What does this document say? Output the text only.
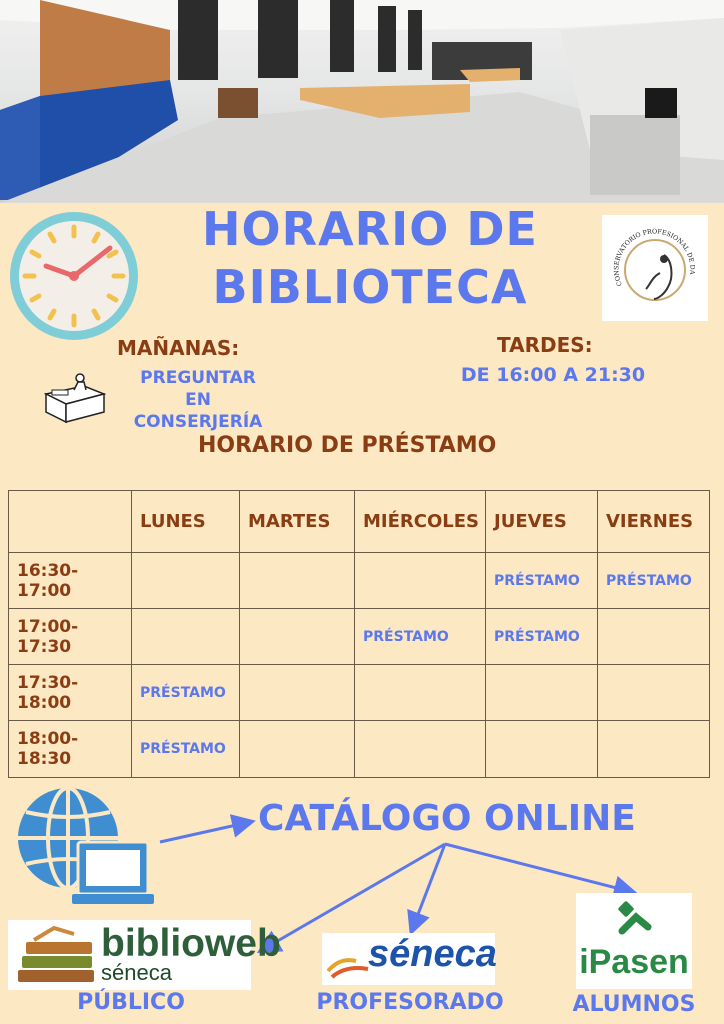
HORARIO DE
BIBLIOTECA	CONSERVATORIO PROFESIONAL DE DA
MAÑANAS:
PREGUNTAR
EN CONSERJERÍA
TARDES:
DE 16:00 A 21:30
HORARIO DE PRÉSTAMO
	LUNES	MARTES	MIÉRCOLES	JUEVES	VIERNES
16:30-17:00				PRÉSTAMO	PRÉSTAMO
17:00-17:30			PRÉSTAMO	PRÉSTAMO	
17:30-18:00	PRÉSTAMO				
18:00-18:30	PRÉSTAMO				
CATÁLOGO ONLINE
biblioweb
séneca	séneca iPasen
PÚBLICO	PROFESORADO	ALUMNOS
